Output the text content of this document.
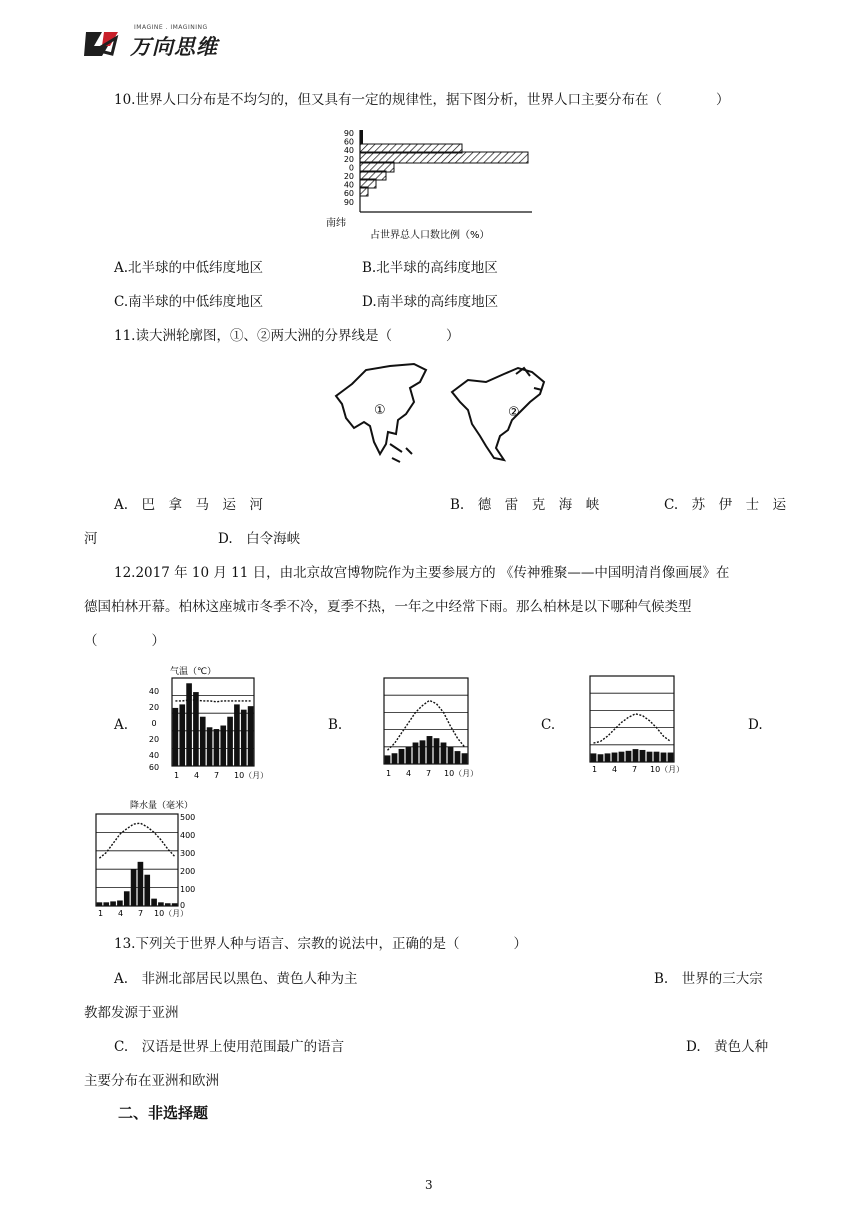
IMAGINE . IMAGINING
万向思维
10.世界人口分布是不均匀的，但又具有一定的规律性，据下图分析，世界人口主要分布在（　　　　）
90
60
40
20
0
20
40
60
90
南纬
占世界总人口数比例（%）
A.北半球的中低纬度地区	B.北半球的高纬度地区
C.南半球的中低纬度地区	D.南半球的高纬度地区
11.读大洲轮廓图，①、②两大洲的分界线是（　　　　）
①	②
A.　巴　拿　马　运　河	B.　德　雷　克　海　峡	C.　苏　伊　士　运
河	D.　白令海峡
12.2017 年 10 月 11 日，由北京故宫博物院作为主要参展方的 《传神雅聚——中国明清肖像画展》在
德国柏林开幕。柏林这座城市冬季不冷，夏季不热，一年之中经常下雨。那么柏林是以下哪种气候类型
（　　　　）
A.	B.	C.	D.
气温（℃）
40
20
0
20
40
60
1 4 7 10（月）	1 4 7 10（月）	1 4 7 10（月）
降水量（毫米）
500
400
300
200
100
0
1 4 7 10（月）
13.下列关于世界人种与语言、宗教的说法中，正确的是（　　　　）
A.　非洲北部居民以黑色、黄色人种为主	B.　世界的三大宗
教都发源于亚洲
C.　汉语是世界上使用范围最广的语言	D.　黄色人种
主要分布在亚洲和欧洲
二、非选择题
3
